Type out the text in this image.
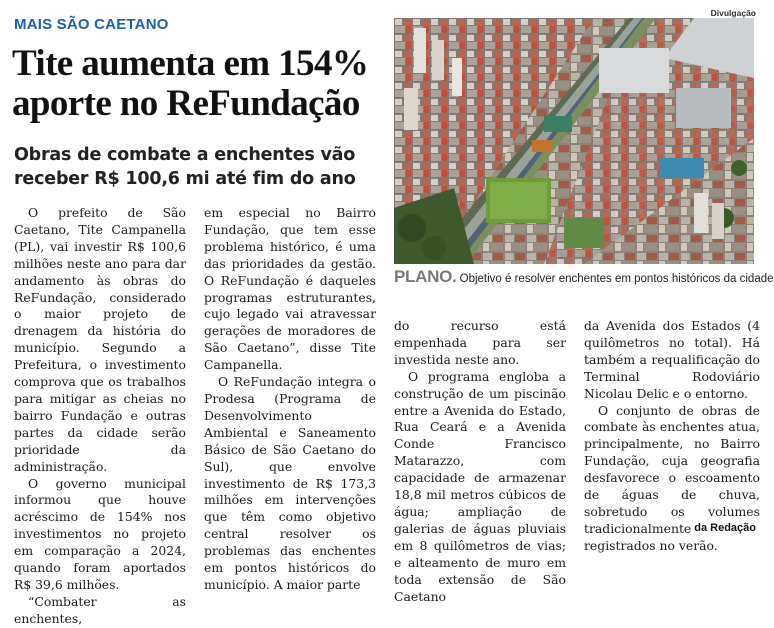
MAIS SÃO CAETANO
Tite aumenta em 154% aporte no ReFundação
Obras de combate a enchentes vão receber R$ 100,6 mi até fim do ano
Divulgação
PLANO. Objetivo é resolver enchentes em pontos históricos da cidade

O prefeito de São Caetano, Tite Campanella (PL), vai investir R$ 100,6 milhões neste ano para dar andamento às obras do ReFundação, considerado o maior projeto de drenagem da história do município. Segundo a Prefeitura, o investimento comprova que os trabalhos para mitigar as cheias no bairro Fundação e outras partes da cidade serão prioridade da administração.

O governo municipal informou que houve acréscimo de 154% nos investimentos no projeto em comparação a 2024, quando foram aportados R$ 39,6 milhões.

“Combater as enchentes,

em especial no Bairro Fundação, que tem esse problema histórico, é uma das prioridades da gestão. O ReFundação é daqueles programas estruturantes, cujo legado vai atravessar gerações de moradores de São Caetano”, disse Tite Campanella.

O ReFundação integra o Prodesa (Programa de Desenvolvimento Ambiental e Saneamento Básico de São Caetano do Sul), que envolve investimento de R$ 173,3 milhões em intervenções que têm como objetivo central resolver os problemas das enchentes em pontos históricos do município. A maior parte

do recurso está empenhada para ser investida neste ano.

O programa engloba a construção de um piscinão entre a Avenida do Estado, Rua Ceará e a Avenida Conde Francisco Matarazzo, com capacidade de armazenar 18,8 mil metros cúbicos de água; ampliação de galerias de águas pluviais em 8 quilômetros de vias; e alteamento de muro em toda extensão de São Caetano

da Avenida dos Estados (4 quilômetros no total). Há também a requalificação do Terminal Rodoviário Nicolau Delic e o entorno.

O conjunto de obras de combate às enchentes atua, principalmente, no Bairro Fundação, cuja geografia desfavorece o escoamento de águas de chuva, sobretudo os volumes tradicionalmente registrados no verão.

da Redação
